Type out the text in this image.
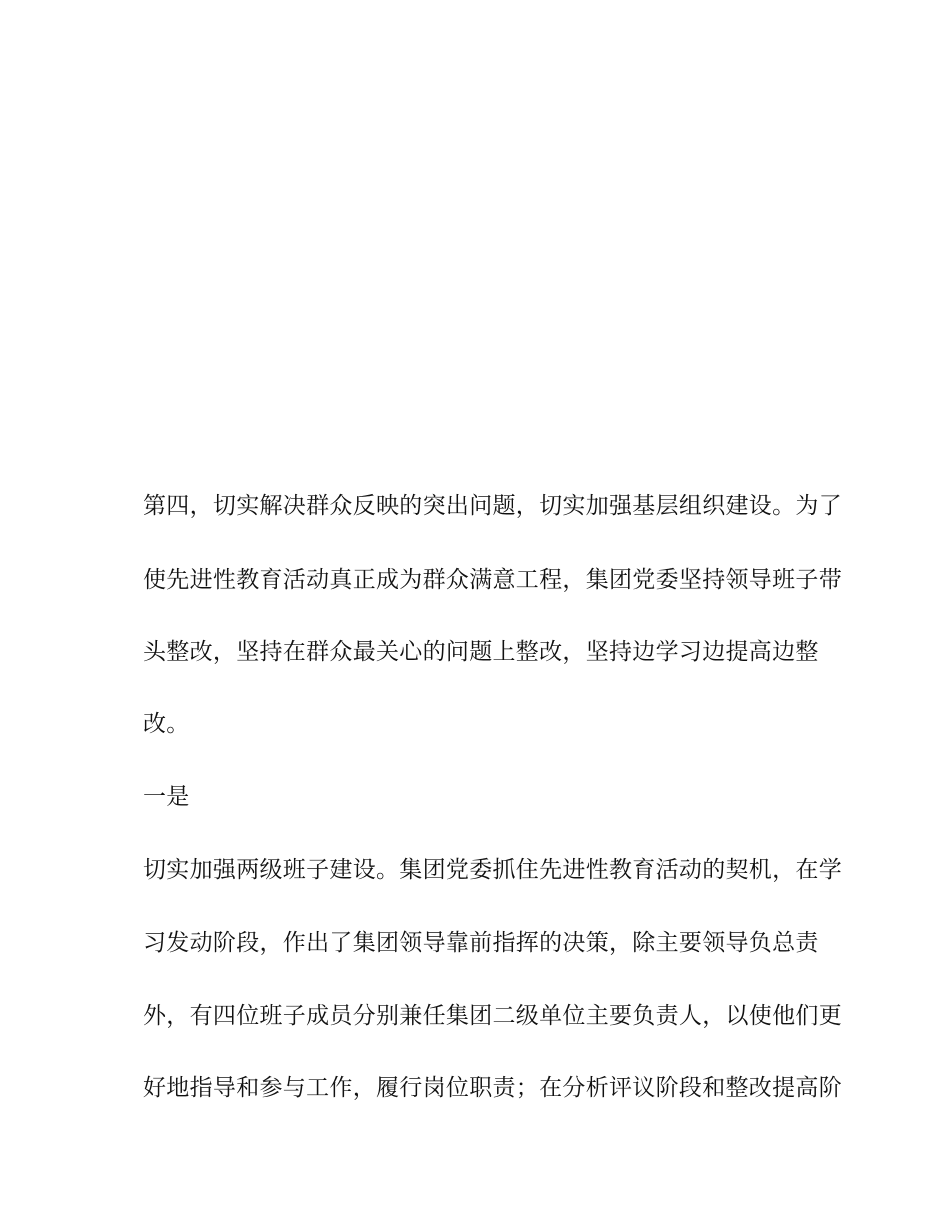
第四，切实解决群众反映的突出问题，切实加强基层组织建设。为了
使先进性教育活动真正成为群众满意工程，集团党委坚持领导班子带
头整改，坚持在群众最关心的问题上整改，坚持边学习边提高边整
改。
一是
切实加强两级班子建设。集团党委抓住先进性教育活动的契机，在学
习发动阶段，作出了集团领导靠前指挥的决策，除主要领导负总责
外，有四位班子成员分别兼任集团二级单位主要负责人，以使他们更
好地指导和参与工作，履行岗位职责；在分析评议阶段和整改提高阶
